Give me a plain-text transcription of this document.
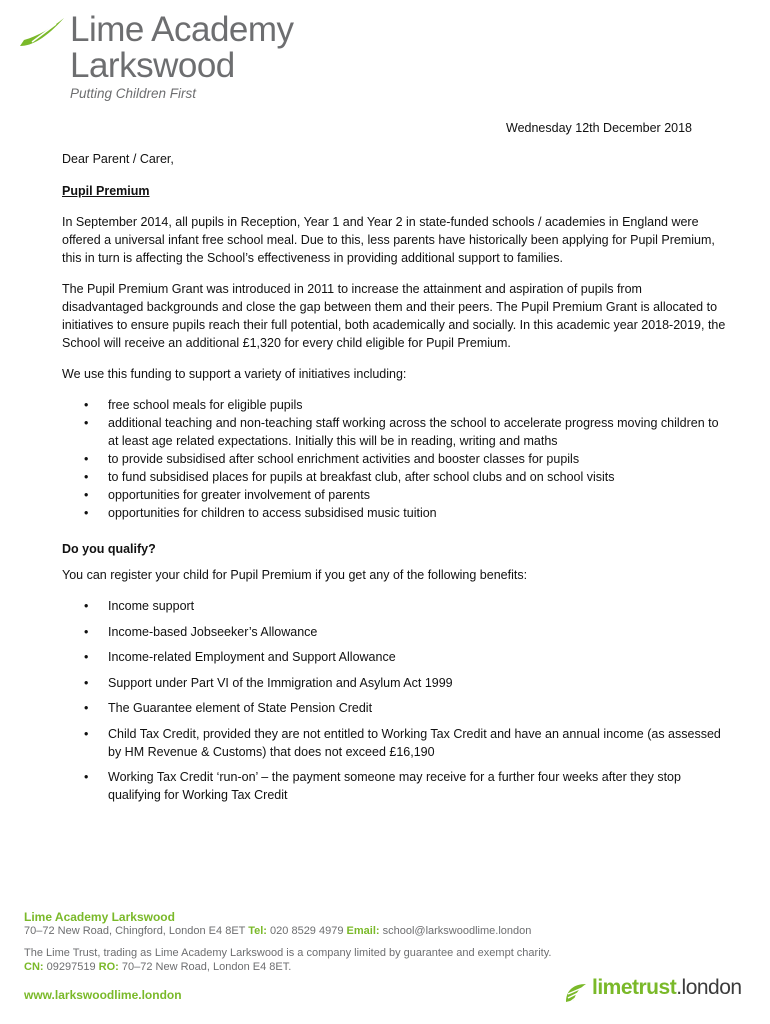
Lime Academy
Larkswood
Putting Children First
Wednesday 12th December 2018

Dear Parent / Carer,

Pupil Premium

In September 2014, all pupils in Reception, Year 1 and Year 2 in state-funded schools / academies in England were offered a universal infant free school meal. Due to this, less parents have historically been applying for Pupil Premium, this in turn is affecting the School’s effectiveness in providing additional support to families.

The Pupil Premium Grant was introduced in 2011 to increase the attainment and aspiration of pupils from disadvantaged backgrounds and close the gap between them and their peers. The Pupil Premium Grant is allocated to initiatives to ensure pupils reach their full potential, both academically and socially. In this academic year 2018-2019, the School will receive an additional £1,320 for every child eligible for Pupil Premium.

We use this funding to support a variety of initiatives including:

• free school meals for eligible pupils
• additional teaching and non-teaching staff working across the school to accelerate progress moving children to at least age related expectations. Initially this will be in reading, writing and maths
• to provide subsidised after school enrichment activities and booster classes for pupils
• to fund subsidised places for pupils at breakfast club, after school clubs and on school visits
• opportunities for greater involvement of parents
• opportunities for children to access subsidised music tuition

Do you qualify?

You can register your child for Pupil Premium if you get any of the following benefits:

• Income support
• Income-based Jobseeker’s Allowance
• Income-related Employment and Support Allowance
• Support under Part VI of the Immigration and Asylum Act 1999
• The Guarantee element of State Pension Credit
• Child Tax Credit, provided they are not entitled to Working Tax Credit and have an annual income (as assessed by HM Revenue & Customs) that does not exceed £16,190
• Working Tax Credit ‘run-on’ – the payment someone may receive for a further four weeks after they stop qualifying for Working Tax Credit
Lime Academy Larkswood
70–72 New Road, Chingford, London E4 8ET Tel: 020 8529 4979 Email: school@larkswoodlime.london
The Lime Trust, trading as Lime Academy Larkswood is a company limited by guarantee and exempt charity.
CN: 09297519 RO: 70–72 New Road, London E4 8ET.
www.larkswoodlime.london	limetrust.london
